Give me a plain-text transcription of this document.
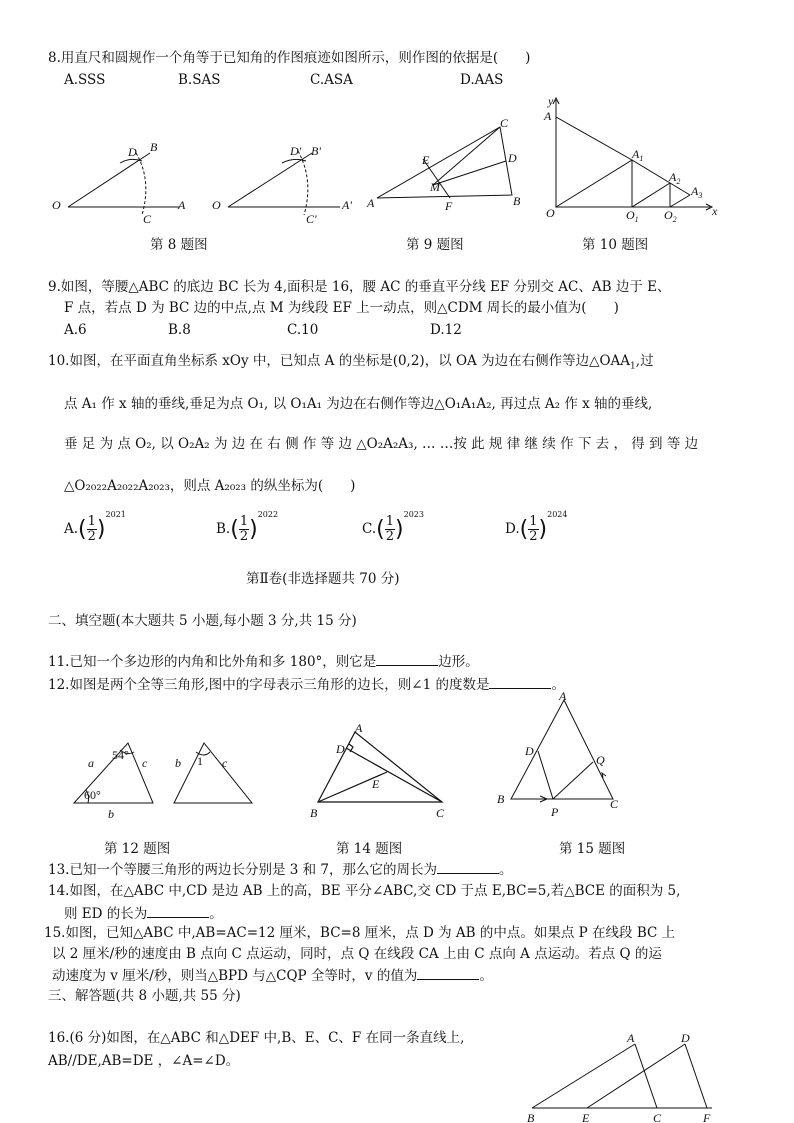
8.用直尺和圆规作一个角等于已知角的作图痕迹如图所示，则作图的依据是(　　)
A.SSS	B.SAS	C.ASA	D.AAS
O
C
A
D B
O
C'
A'
D' B'
A	B
C
D
E
F
M
y
x
A
O
$A_1$
$A_2$
$A_3$
$O_1$ $O_2$
第 8 题图	第 9 题图	第 10 题图
9.如图，等腰△ABC 的底边 BC 长为 4,面积是 16，腰 AC 的垂直平分线 EF 分别交 AC、AB 边于 E、
F 点，若点 D 为 BC 边的中点,点 M 为线段 EF 上一动点，则△CDM 周长的最小值为(　　)
A.6	B.8	C.10	D.12
10.如图，在平面直角坐标系 xOy 中，已知点 A 的坐标是(0,2)，以 OA 为边在右侧作等边$\triangle OAA_1$,过
点 A₁ 作 x 轴的垂线,垂足为点 O₁, 以 O₁A₁ 为边在右侧作等边△O₁A₁A₂, 再过点 A₂ 作 x 轴的垂线,
垂 足 为 点 O₂, 以 O₂A₂ 为 边 在 右 侧 作 等 边 △O₂A₂A₃, … …按 此 规 律 继 续 作 下 去 ， 得 到 等 边
△O₂₀₂₂A₂₀₂₂A₂₀₂₃，则点 A₂₀₂₃ 的纵坐标为(　　)
$A.( \frac{1}{2} )^{2021}$
$B.( \frac{1}{2} )^{2022}$
$C.( \frac{1}{2} )^{2023}$
$D.( \frac{1}{2} )^{2024}$
第Ⅱ卷(非选择题共 70 分)
二、填空题(本大题共 5 小题,每小题 3 分,共 15 分)
11.已知一个多边形的内角和比外角和多 180°，则它是	边形。
12.如图是两个全等三角形,图中的字母表示三角形的边长，则∠1 的度数是	。
a	c
b
54°
60°
b	c
1
A
B	C
D
E
A
B	C
D
P
Q
第 12 题图	第 14 题图	第 15 题图
13.已知一个等腰三角形的两边长分别是 3 和 7，那么它的周长为	。
14.如图，在△ABC 中,CD 是边 AB 上的高，BE 平分∠ABC,交 CD 于点 E,BC=5,若△BCE 的面积为 5,
则 ED 的长为	。
15.如图，已知△ABC 中,AB=AC=12 厘米，BC=8 厘米，点 D 为 AB 的中点。如果点 P 在线段 BC 上
以 2 厘米/秒的速度由 B 点向 C 点运动，同时，点 Q 在线段 CA 上由 C 点向 A 点运动。若点 Q 的运
动速度为 v 厘米/秒，则当△BPD 与△CQP 全等时，v 的值为	。
三、解答题(共 8 小题,共 55 分)
16.(6 分)如图，在△ABC 和△DEF 中,B、E、C、F 在同一条直线上,
AB//DE,AB=DE ，∠A=∠D。
A	D
B	E	C	F
